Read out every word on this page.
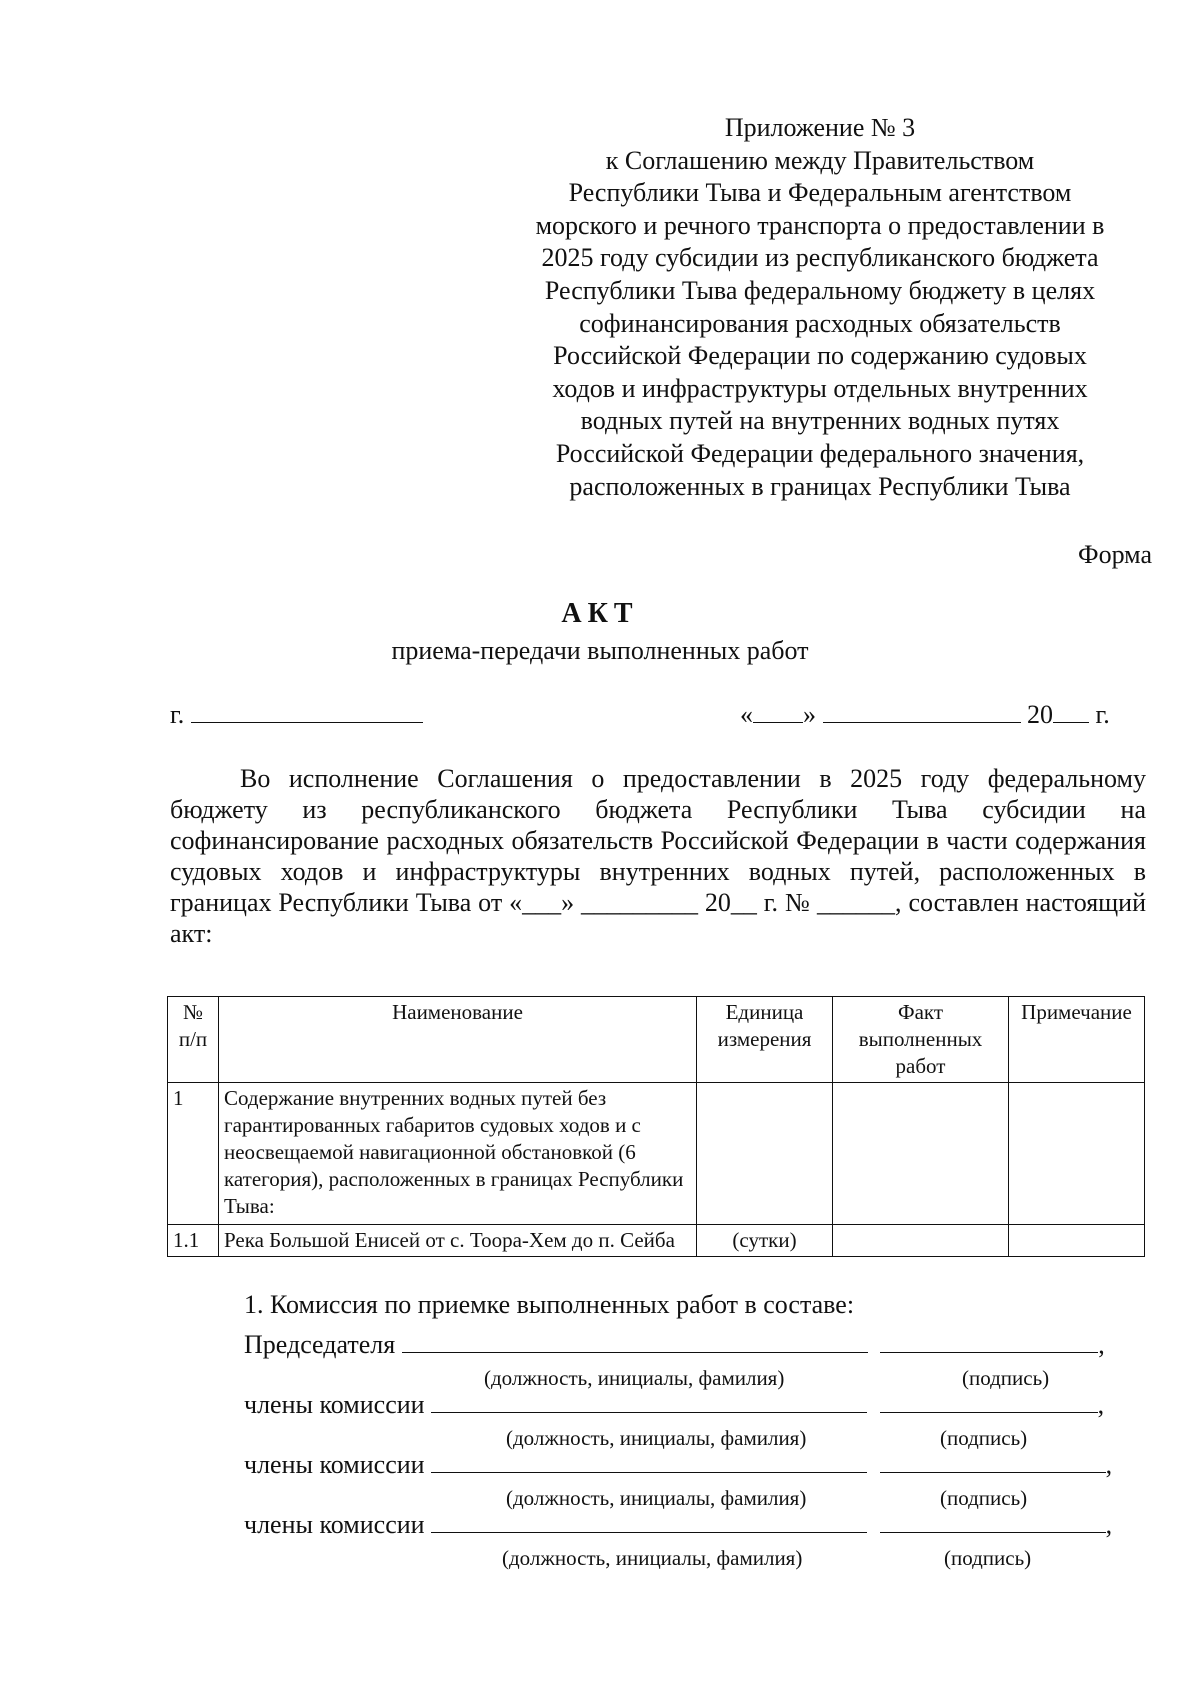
Приложение № 3
к Соглашению между Правительством
Республики Тыва и Федеральным агентством
морского и речного транспорта о предоставлении в
2025 году субсидии из республиканского бюджета
Республики Тыва федеральному бюджету в целях
софинансирования расходных обязательств
Российской Федерации по содержанию судовых
ходов и инфраструктуры отдельных внутренних
водных путей на внутренних водных путях
Российской Федерации федерального значения,
расположенных в границах Республики Тыва
Форма
АКТ
приема-передачи выполненных работ
г.	« »	20 г.

Во исполнение Соглашения о предоставлении в 2025 году федеральному бюджету из республиканского бюджета Республики Тыва субсидии на софинансирование расходных обязательств Российской Федерации в части содержания судовых ходов и инфраструктуры внутренних водных путей, расположенных в границах Республики Тыва от «___» _________ 20__ г. № ______, составлен настоящий акт:

№ п/п	Наименование	Единица измерения	Факт выполненных работ	Примечание
1	Содержание внутренних водных путей без гарантированных габаритов судовых ходов и с неосвещаемой навигационной обстановкой (6 категория), расположенных в границах Республики Тыва:			
1.1	Река Большой Енисей от с. Тоора-Хем до п. Сейба	(сутки)		
1. Комиссия по приемке выполненных работ в составе:
Председателя	,
(должность, инициалы, фамилия)	(подпись)
члены комиссии	,
(должность, инициалы, фамилия)	(подпись)
члены комиссии	,
(должность, инициалы, фамилия)	(подпись)
члены комиссии	,
(должность, инициалы, фамилия)	(подпись)
